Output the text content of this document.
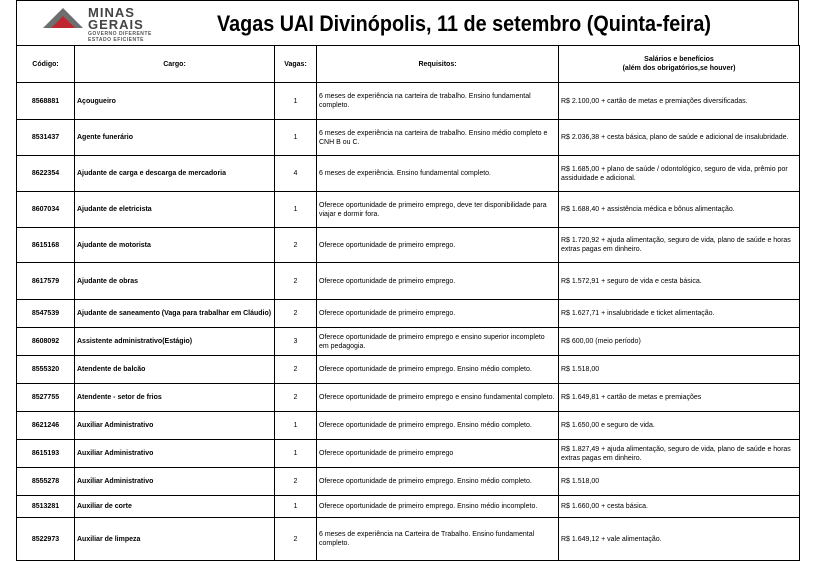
MINAS
GERAIS
GOVERNO DIFERENTE
ESTADO EFICIENTE
Vagas UAI Divinópolis, 11 de setembro (Quinta-feira)
Código:	Cargo:	Vagas:	Requisitos:	Salários e benefícios
(além dos obrigatórios,se houver)

8568881	Açougueiro	1	6 meses de experiência na carteira de trabalho. Ensino fundamental completo.	R$ 2.100,00 + cartão de metas e premiações diversificadas.
8531437	Agente funerário	1	6 meses de experiência na carteira de trabalho. Ensino médio completo e CNH B ou C.	R$ 2.036,38 + cesta básica, plano de saúde e adicional de insalubridade.
8622354	Ajudante de carga e descarga de mercadoria	4	6 meses de experiência. Ensino fundamental completo.	R$ 1.685,00 + plano de saúde / odontológico, seguro de vida, prêmio por assiduidade e adicional.
8607034	Ajudante de eletricista	1	Oferece oportunidade de primeiro emprego, deve ter disponibilidade para viajar e dormir fora.	R$ 1.688,40 + assistência médica e bônus alimentação.
8615168	Ajudante de motorista	2	Oferece oportunidade de primeiro emprego.	R$ 1.720,92 + ajuda alimentação, seguro de vida, plano de saúde e horas extras pagas em dinheiro.
8617579	Ajudante de obras	2	Oferece oportunidade de primeiro emprego.	R$ 1.572,91 + seguro de vida e cesta básica.
8547539	Ajudante de saneamento (Vaga para trabalhar em Cláudio)	2	Oferece oportunidade de primeiro emprego.	R$ 1.627,71 + insalubridade e ticket alimentação.
8608092	Assistente administrativo(Estágio)	3	Oferece oportunidade de primeiro emprego e ensino superior incompleto em pedagogia.	R$ 600,00 (meio período)
8555320	Atendente de balcão	2	Oferece oportunidade de primeiro emprego. Ensino médio completo.	R$ 1.518,00
8527755	Atendente - setor de frios	2	Oferece oportunidade de primeiro emprego e ensino fundamental completo.	R$ 1.649,81 + cartão de metas e premiações
8621246	Auxiliar Administrativo	1	Oferece oportunidade de primeiro emprego. Ensino médio completo.	R$ 1.650,00 e seguro de vida.
8615193	Auxiliar Administrativo	1	Oferece oportunidade de primeiro emprego	R$ 1.827,49 + ajuda alimentação, seguro de vida, plano de saúde e horas extras pagas em dinheiro.
8555278	Auxiliar Administrativo	2	Oferece oportunidade de primeiro emprego. Ensino médio completo.	R$ 1.518,00
8513281	Auxiliar de corte	1	Oferece oportunidade de primeiro emprego. Ensino médio incompleto.	R$ 1.660,00 + cesta básica.
8522973	Auxiliar de limpeza	2	6 meses de experiência na Carteira de Trabalho. Ensino fundamental completo.	R$ 1.649,12 + vale alimentação.
